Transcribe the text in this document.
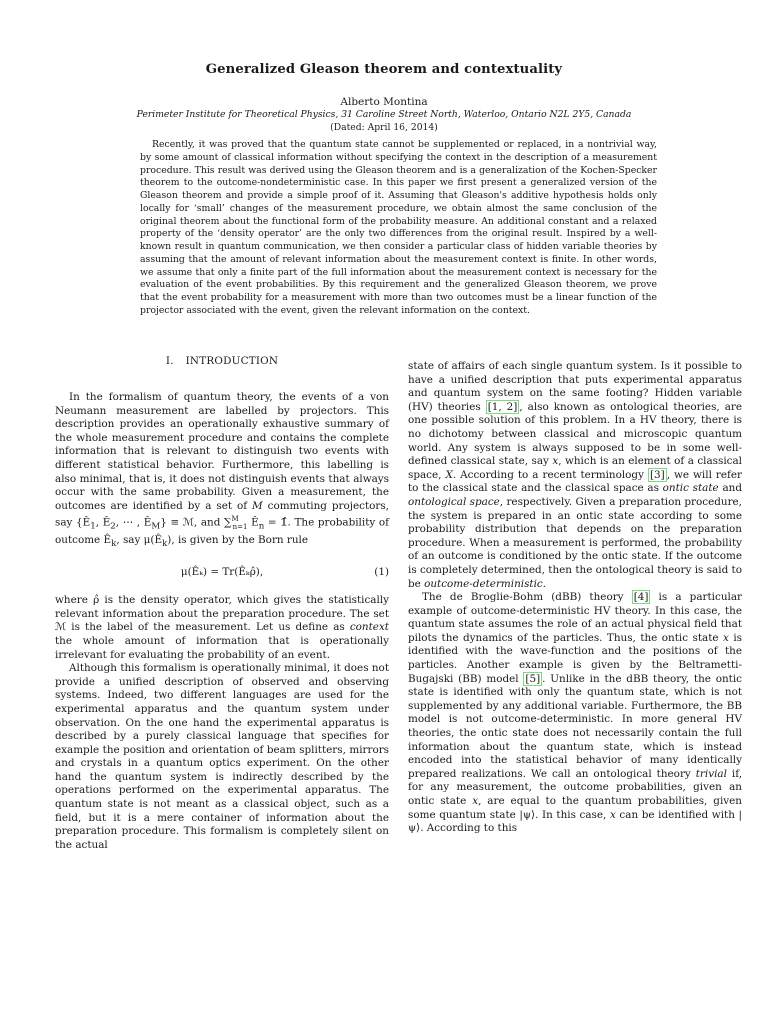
Generalized Gleason theorem and contextuality
Alberto Montina
Perimeter Institute for Theoretical Physics, 31 Caroline Street North, Waterloo, Ontario N2L 2Y5, Canada
(Dated: April 16, 2014)
Recently, it was proved that the quantum state cannot be supplemented or replaced, in a nontrivial way, by some amount of classical information without specifying the context in the description of a measurement procedure. This result was derived using the Gleason theorem and is a generalization of the Kochen-Specker theorem to the outcome-nondeterministic case. In this paper we first present a generalized version of the Gleason theorem and provide a simple proof of it. Assuming that Gleason's additive hypothesis holds only locally for ‘small’ changes of the measurement procedure, we obtain almost the same conclusion of the original theorem about the functional form of the probability measure. An additional constant and a relaxed property of the ‘density operator’ are the only two differences from the original result. Inspired by a well-known result in quantum communication, we then consider a particular class of hidden variable theories by assuming that the amount of relevant information about the measurement context is finite. In other words, we assume that only a finite part of the full information about the measurement context is necessary for the evaluation of the event probabilities. By this requirement and the generalized Gleason theorem, we prove that the event probability for a measurement with more than two outcomes must be a linear function of the projector associated with the event, given the relevant information on the context.
I. INTRODUCTION

In the formalism of quantum theory, the events of a von Neumann measurement are labelled by projectors. This description provides an operationally exhaustive summary of the whole measurement procedure and contains the complete information that is relevant to distinguish two events with different statistical behavior. Furthermore, this labelling is also minimal, that is, it does not distinguish events that always occur with the same probability. Given a measurement, the outcomes are identified by a set of M commuting projectors, say {$Ê_1$, $Ê_2$, ⋯ , $Ê_M$} ≡ ℳ, and ∑$^M_{n=1}$ $Ê_n$ = 𝟙̂. The probability of outcome $Ê_k$, say $\mu(Ê_k)$, is given by the Born rule

μ(Êₖ) = Tr(Êₖρ̂),	(1)

where ρ̂ is the density operator, which gives the statistically relevant information about the preparation procedure. The set ℳ is the label of the measurement. Let us define as context the whole amount of information that is operationally irrelevant for evaluating the probability of an event.

Although this formalism is operationally minimal, it does not provide a unified description of observed and observing systems. Indeed, two different languages are used for the experimental apparatus and the quantum system under observation. On the one hand the experimental apparatus is described by a purely classical language that specifies for example the position and orientation of beam splitters, mirrors and crystals in a quantum optics experiment. On the other hand the quantum system is indirectly described by the operations performed on the experimental apparatus. The quantum state is not meant as a classical object, such as a field, but it is a mere container of information about the preparation procedure. This formalism is completely silent on the actual

state of affairs of each single quantum system. Is it possible to have a unified description that puts experimental apparatus and quantum system on the same footing? Hidden variable (HV) theories [1, 2] , also known as ontological theories, are one possible solution of this problem. In a HV theory, there is no dichotomy between classical and microscopic quantum world. Any system is always supposed to be in some well-defined classical state, say x, which is an element of a classical space, X. According to a recent terminology [3] , we will refer to the classical state and the classical space as ontic state and ontological space, respectively. Given a preparation procedure, the system is prepared in an ontic state according to some probability distribution that depends on the preparation procedure. When a measurement is performed, the probability of an outcome is conditioned by the ontic state. If the outcome is completely determined, then the ontological theory is said to be outcome-deterministic.

The de Broglie-Bohm (dBB) theory [4] is a particular example of outcome-deterministic HV theory. In this case, the quantum state assumes the role of an actual physical field that pilots the dynamics of the particles. Thus, the ontic state x is identified with the wave-function and the positions of the particles. Another example is given by the Beltrametti-Bugajski (BB) model [5] . Unlike in the dBB theory, the ontic state is identified with only the quantum state, which is not supplemented by any additional variable. Furthermore, the BB model is not outcome-deterministic. In more general HV theories, the ontic state does not necessarily contain the full information about the quantum state, which is instead encoded into the statistical behavior of many identically prepared realizations. We call an ontological theory trivial if, for any measurement, the outcome probabilities, given an ontic state x, are equal to the quantum probabilities, given some quantum state |ψ⟩. In this case, x can be identified with |ψ⟩. According to this
